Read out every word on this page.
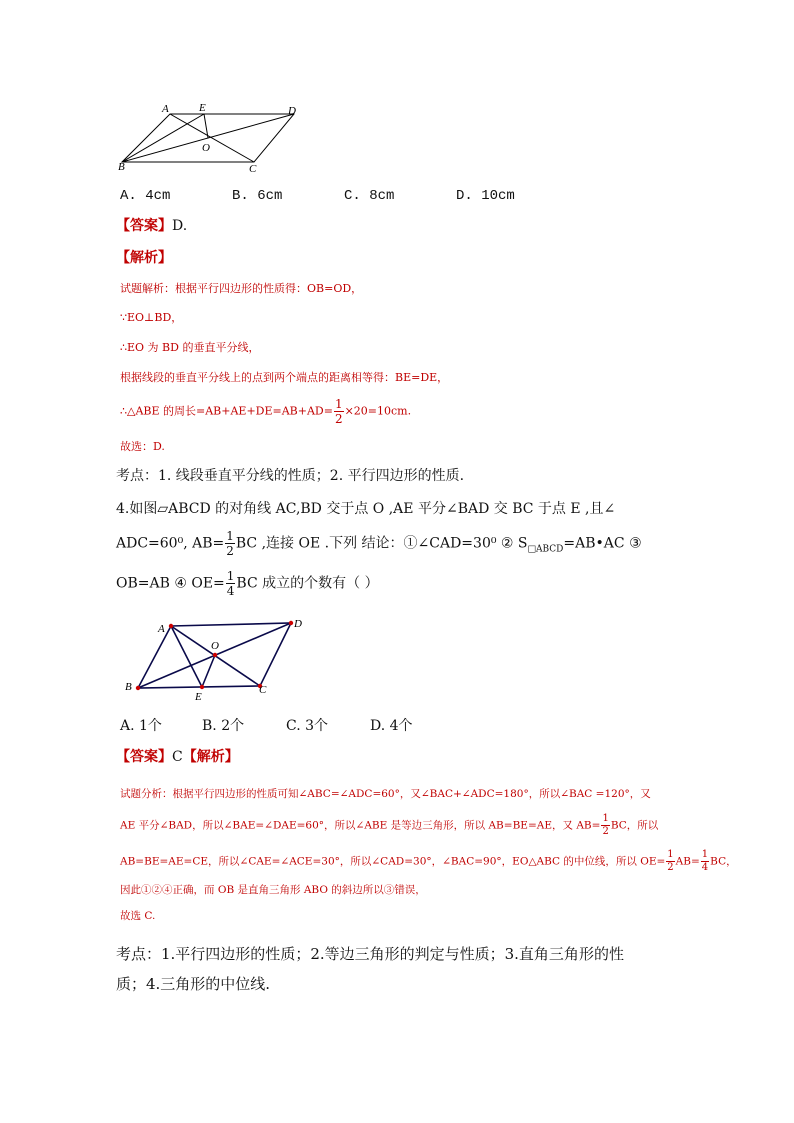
A	E	D
O
B	C
A. 4cm	B. 6cm	C. 8cm	D. 10cm
【答案】D.
【解析】
试题解析：根据平行四边形的性质得：OB=OD，
∵EO⊥BD，
∴EO 为 BD 的垂直平分线，
根据线段的垂直平分线上的点到两个端点的距离相等得：BE=DE，
∴△ABE 的周长$=AB+AE+DE=AB+AD= \frac{1}{2} \times 20=10cm$.
故选：D.
考点：1. 线段垂直平分线的性质；2. 平行四边形的性质.
4.如图▱ABCD 的对角线 AC,BD 交于点 O ,AE 平分∠BAD 交 BC 于点 E ,且∠
ADC=60⁰, $AB= \frac{1}{2}$ BC ,连接 OE .下列 结论：①∠CAD=30⁰ ② $S_{□ABCD}=AB•AC$ ③
OB=AB ④ $OE= \frac{1}{4}$ BC 成立的个数有（ ）
A	D
O
B
E
C
A. 1个	B. 2个	C. 3个	D. 4个
【答案】C【解析】
试题分析：根据平行四边形的性质可知∠ABC=∠ADC=60°，又∠BAC+∠ADC=180°，所以∠BAC =120°，又
AE 平分∠BAD，所以∠BAE=∠DAE=60°，所以∠ABE 是等边三角形，所以 AB=BE=AE，又 $AB= \frac{1}{2}$ BC，所以
AB=BE=AE=CE，所以∠CAE=∠ACE=30°，所以∠CAD=30°，∠BAC=90°，EO△ABC 的中位线，所以 $OE= \frac{1}{2} AB= \frac{1}{4}$ BC，
因此①②④正确，而 OB 是直角三角形 ABO 的斜边所以③错误，
故选 C.
考点：1.平行四边形的性质；2.等边三角形的判定与性质；3.直角三角形的性
质；4.三角形的中位线.
